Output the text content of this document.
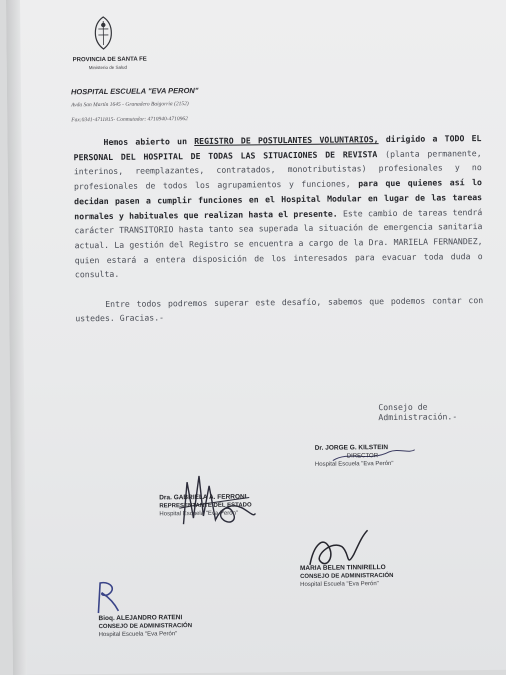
PROVINCIA DE SANTA FE
Ministerio de Salud
HOSPITAL ESCUELA "EVA PERON"
Avda San Martín 1645 - Granadero Baigorria (2152)
Fax:0341-4711815- Conmutador: 4710940-4710962

Hemos abierto un REGISTRO DE POSTULANTES VOLUNTARIOS, dirigido a TODO EL PERSONAL DEL HOSPITAL DE TODAS LAS SITUACIONES DE REVISTA (planta permanente, interinos, reemplazantes, contratados, monotributistas) profesionales y no profesionales de todos los agrupamientos y funciones, para que quienes así lo decidan pasen a cumplir funciones en el Hospital Modular en lugar de las tareas normales y habituales que realizan hasta el presente. Este cambio de tareas tendrá carácter TRANSITORIO hasta tanto sea superada la situación de emergencia sanitaria actual. La gestión del Registro se encuentra a cargo de la Dra. MARIELA FERNANDEZ, quien estará a entera disposición de los interesados para evacuar toda duda o consulta.

Entre todos podremos superar este desafío, sabemos que podemos contar con ustedes. Gracias.-

Consejo de Administración.-
Dr. JORGE G. KILSTEIN
DIRECTOR
Hospital Escuela "Eva Perón"
Dra. GABRIELA A. FERRONI
REPRESENTANTE DEL ESTADO
Hospital Escuela "Eva Perón"
MARIA BELEN TINNIRELLO
CONSEJO DE ADMINISTRACIÓN
Hospital Escuela "Eva Perón"
Bioq. ALEJANDRO RATENI
CONSEJO DE ADMINISTRACIÓN
Hospital Escuela "Eva Perón"
